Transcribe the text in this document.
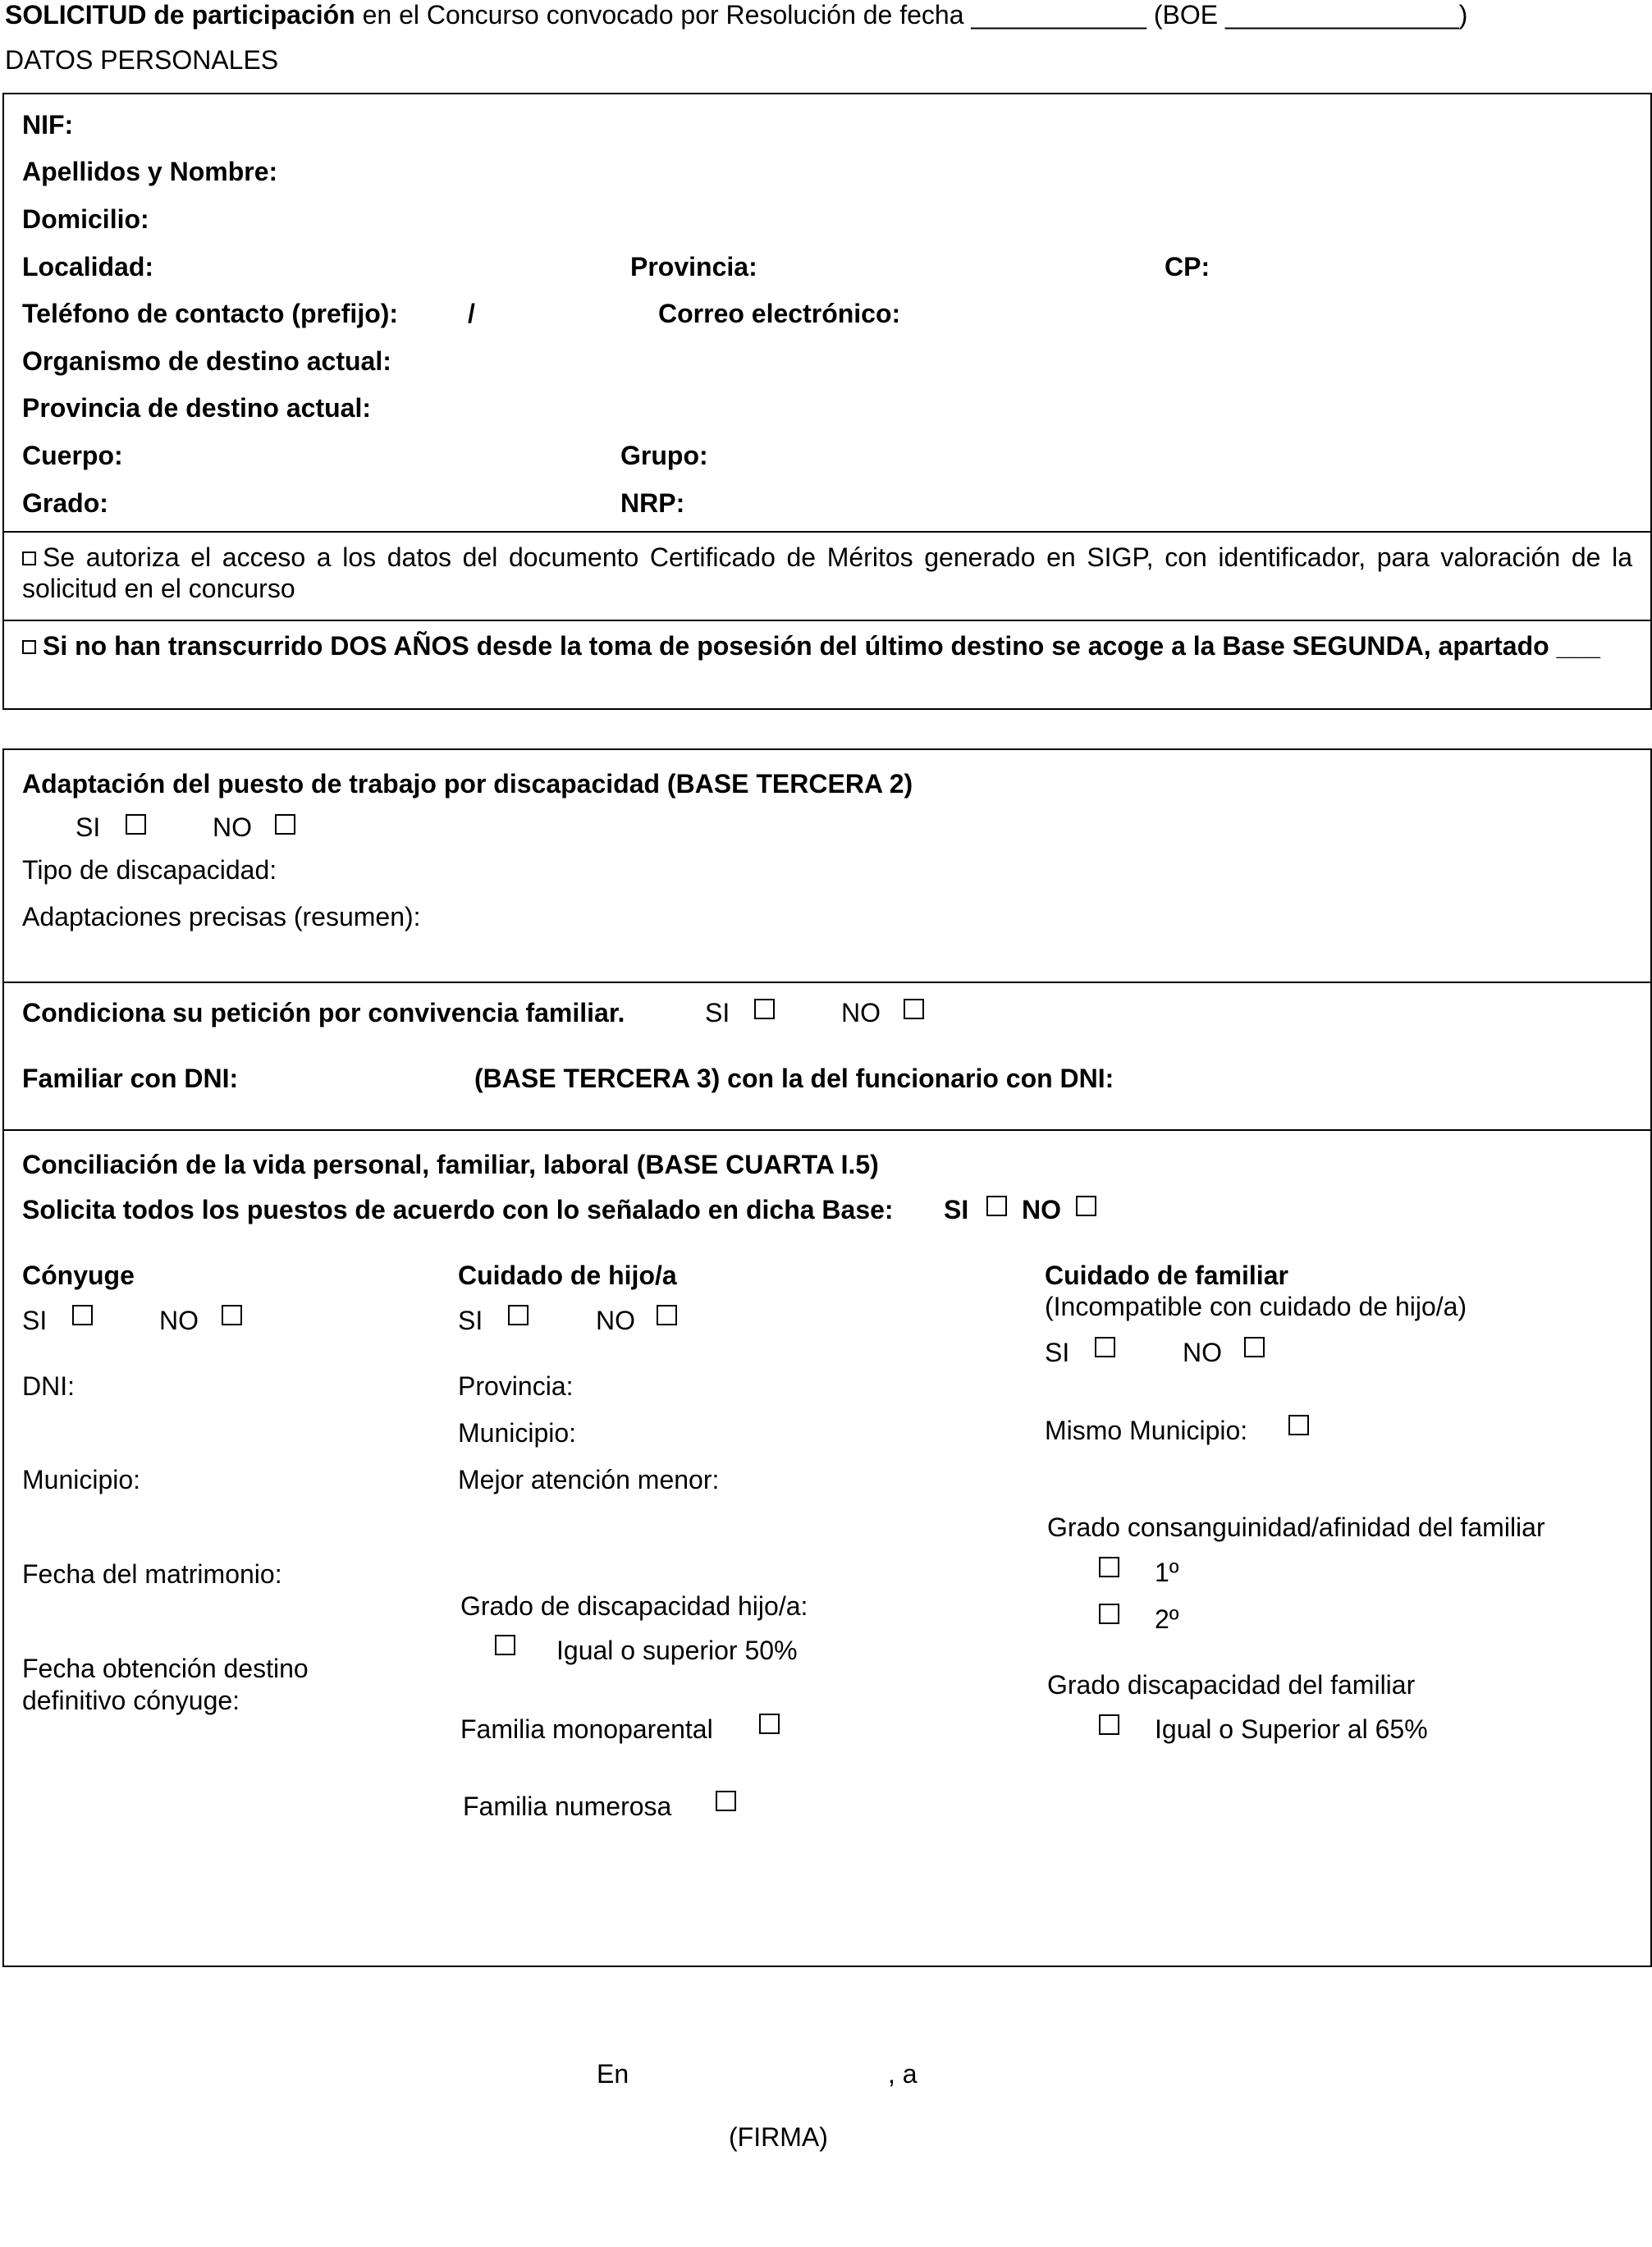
SOLICITUD de participación en el Concurso convocado por Resolución de fecha ____________ (BOE ________________)
DATOS PERSONALES
NIF:
Apellidos y Nombre:
Domicilio:
Localidad:	Provincia:	CP:
Teléfono de contacto (prefijo):	/	Correo electrónico:
Organismo de destino actual:
Provincia de destino actual:
Cuerpo:	Grupo:
Grado:	NRP:
Se autoriza el acceso a los datos del documento Certificado de Méritos generado en SIGP, con identificador, para valoración de la solicitud en el concurso
Si no han transcurrido DOS AÑOS desde la toma de posesión del último destino se acoge a la Base SEGUNDA, apartado ___
Adaptación del puesto de trabajo por discapacidad (BASE TERCERA 2)
SI	NO
Tipo de discapacidad:
Adaptaciones precisas (resumen):
Condiciona su petición por convivencia familiar.	SI	NO
Familiar con DNI:	(BASE TERCERA 3) con la del funcionario con DNI:
Conciliación de la vida personal, familiar, laboral (BASE CUARTA I.5)
Solicita todos los puestos de acuerdo con lo señalado en dicha Base: SI NO
Cónyuge
SI	NO
DNI:
Municipio:
Fecha del matrimonio:
Fecha obtención destino
definitivo cónyuge:
Cuidado de hijo/a
SI	NO
Provincia:
Municipio:
Mejor atención menor:
Grado de discapacidad hijo/a:
Igual o superior 50%
Familia monoparental
Familia numerosa
Cuidado de familiar
(Incompatible con cuidado de hijo/a)
SI	NO
Mismo Municipio:
Grado consanguinidad/afinidad del familiar
1º
2º
Grado discapacidad del familiar
Igual o Superior al 65%
En	, a
(FIRMA)
